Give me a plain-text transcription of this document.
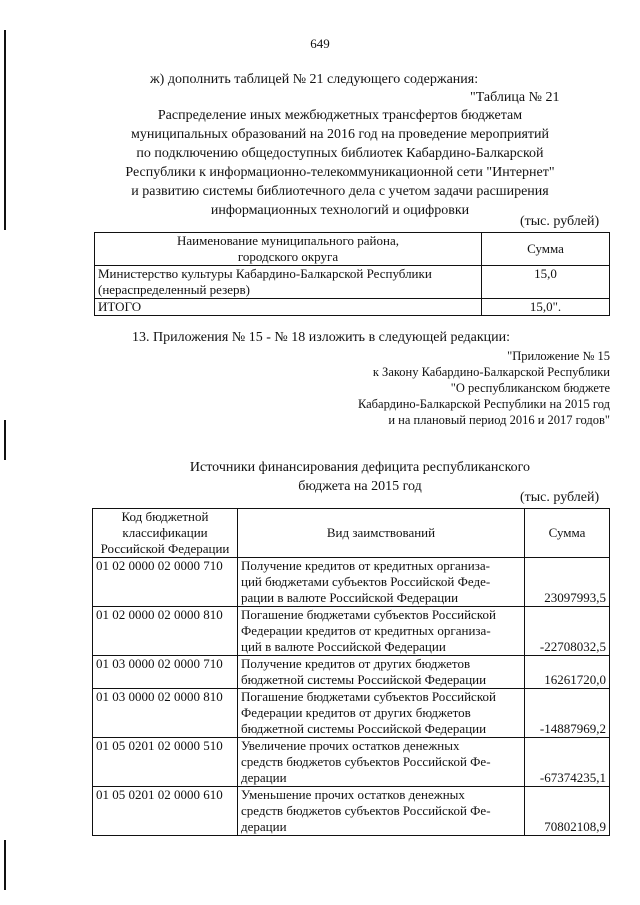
649
ж) дополнить таблицей № 21 следующего содержания:
"Таблица № 21
Распределение иных межбюджетных трансфертов бюджетам
муниципальных образований на 2016 год на проведение мероприятий
по подключению общедоступных библиотек Кабардино-Балкарской
Республики к информационно-телекоммуникационной сети "Интернет"
и развитию системы библиотечного дела с учетом задачи расширения
информационных технологий и оцифровки
(тыс. рублей)
Наименование муниципального района,
городского округа	Сумма

Министерство культуры Кабардино-Балкарской Республики
(нераспределенный резерв)	15,0
ИТОГО	15,0".
13. Приложения № 15 - № 18 изложить в следующей редакции:
"Приложение № 15
к Закону Кабардино-Балкарской Республики
"О республиканском бюджете
Кабардино-Балкарской Республики на 2015 год
и на плановый период 2016 и 2017 годов"
Источники финансирования дефицита республиканского
бюджета на 2015 год
(тыс. рублей)
Код бюджетной
классификации
Российской Федерации	Вид заимствований	Сумма
01 02 0000 02 0000 710	Получение кредитов от кредитных организа-
ций бюджетами субъектов Российской Феде-
рации в валюте Российской Федерации	23097993,5
01 02 0000 02 0000 810	Погашение бюджетами субъектов Российской
Федерации кредитов от кредитных организа-
ций в валюте Российской Федерации	-22708032,5
01 03 0000 02 0000 710	Получение кредитов от других бюджетов
бюджетной системы Российской Федерации	16261720,0
01 03 0000 02 0000 810	Погашение бюджетами субъектов Российской
Федерации кредитов от других бюджетов
бюджетной системы Российской Федерации	-14887969,2
01 05 0201 02 0000 510	Увеличение прочих остатков денежных
средств бюджетов субъектов Российской Фе-
дерации	-67374235,1
01 05 0201 02 0000 610	Уменьшение прочих остатков денежных
средств бюджетов субъектов Российской Фе-
дерации	70802108,9
